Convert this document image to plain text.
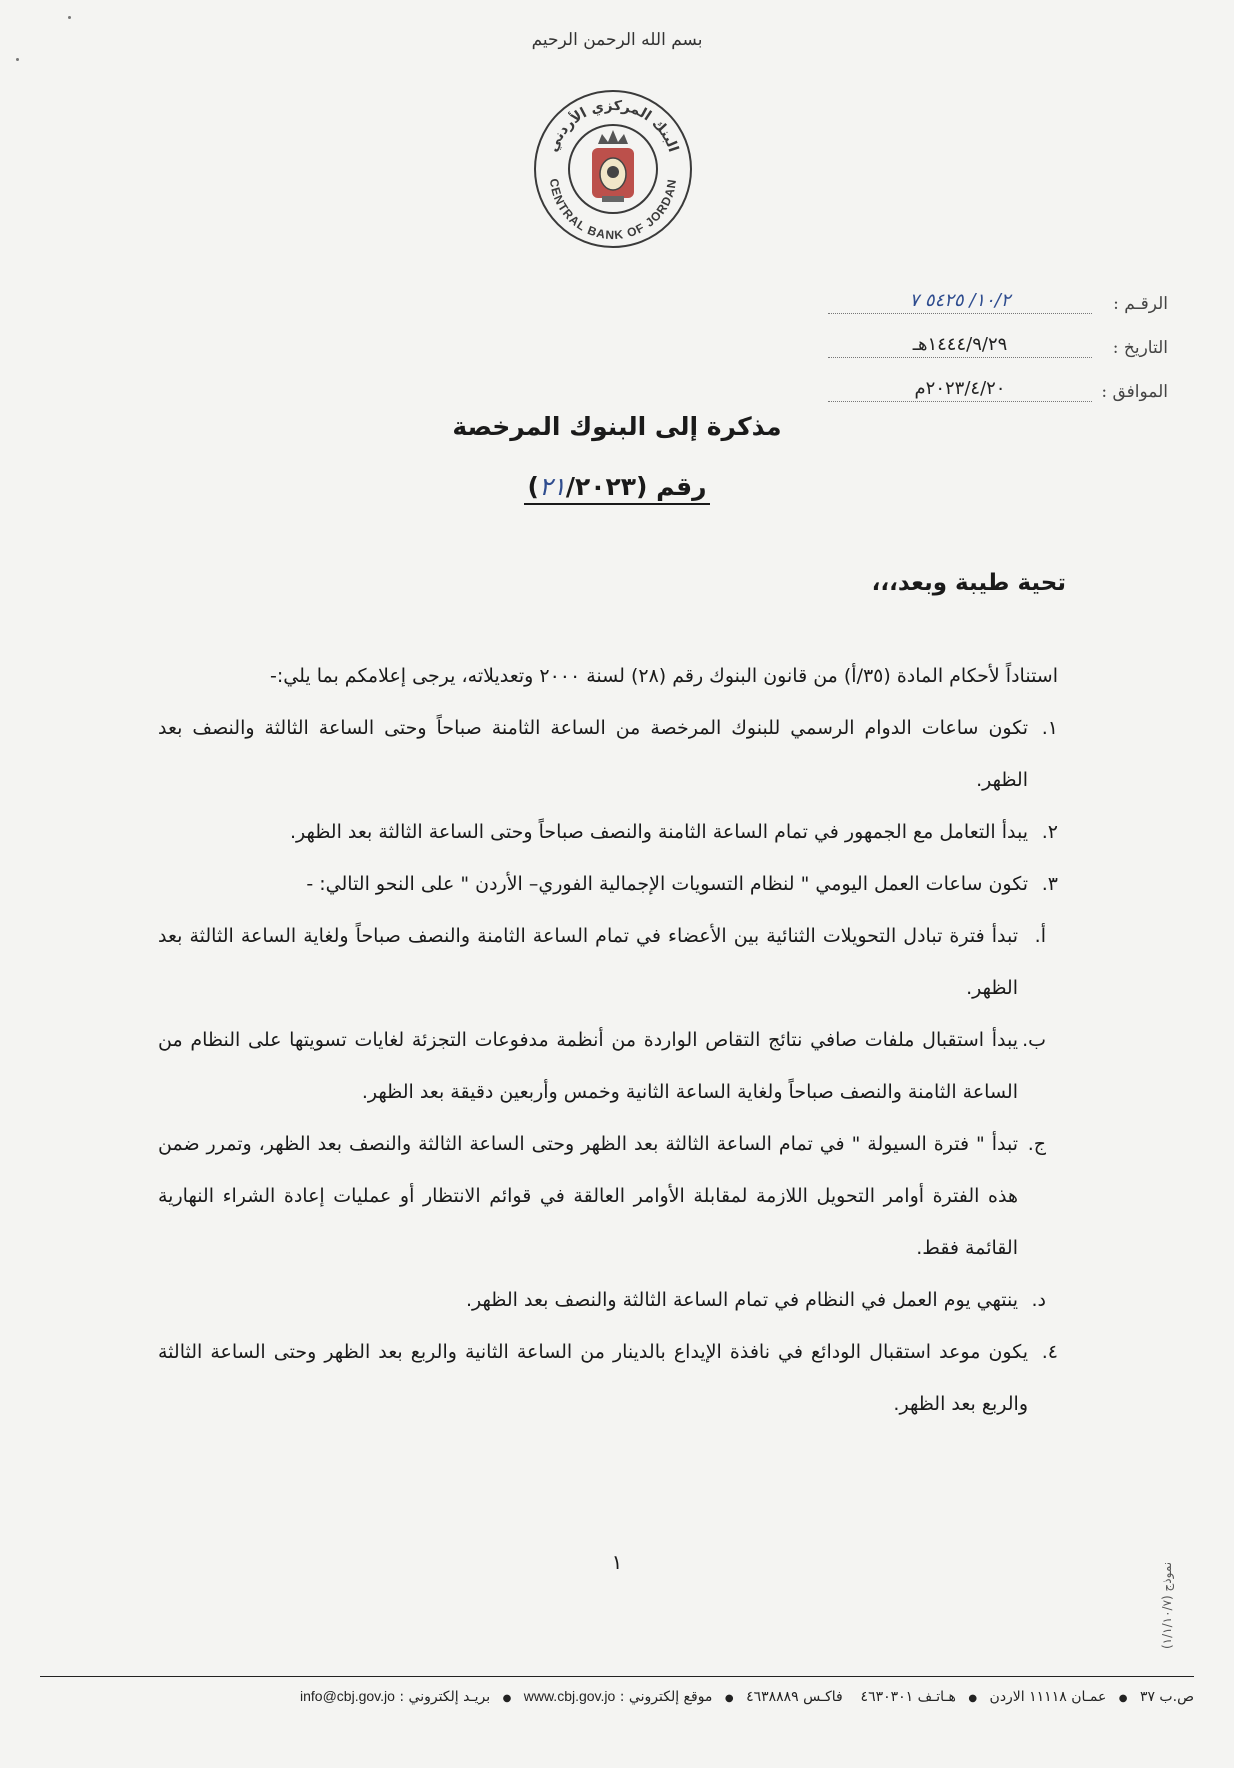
بسم الله الرحمن الرحيم
البنك المركزي الأردني
CENTRAL BANK OF JORDAN
الرقـم :
١٠/٢/ ٥٤٢٥ ٧
التاريخ :
١٤٤٤/٩/٢٩هـ
الموافق :
٢٠٢٣/٤/٢٠م
مذكرة إلى البنوك المرخصة
رقم (٢١/٢٠٢٣)
تحية طيبة وبعد،،،

استناداً لأحكام المادة (٣٥/أ) من قانون البنوك رقم (٢٨) لسنة ٢٠٠٠ وتعديلاته، يرجى إعلامكم بما يلي:-

١.
تكون ساعات الدوام الرسمي للبنوك المرخصة من الساعة الثامنة صباحاً وحتى الساعة الثالثة والنصف بعد الظهر.
٢.
يبدأ التعامل مع الجمهور في تمام الساعة الثامنة والنصف صباحاً وحتى الساعة الثالثة بعد الظهر.
٣.
تكون ساعات العمل اليومي " لنظام التسويات الإجمالية الفوري– الأردن " على النحو التالي: -
أ.
تبدأ فترة تبادل التحويلات الثنائية بين الأعضاء في تمام الساعة الثامنة والنصف صباحاً ولغاية الساعة الثالثة بعد الظهر.
ب.
يبدأ استقبال ملفات صافي نتائج التقاص الواردة من أنظمة مدفوعات التجزئة لغايات تسويتها على النظام من الساعة الثامنة والنصف صباحاً ولغاية الساعة الثانية وخمس وأربعين دقيقة بعد الظهر.
ج.
تبدأ " فترة السيولة " في تمام الساعة الثالثة بعد الظهر وحتى الساعة الثالثة والنصف بعد الظهر، وتمرر ضمن هذه الفترة أوامر التحويل اللازمة لمقابلة الأوامر العالقة في قوائم الانتظار أو عمليات إعادة الشراء النهارية القائمة فقط.
د.
ينتهي يوم العمل في النظام في تمام الساعة الثالثة والنصف بعد الظهر.
٤.
يكون موعد استقبال الودائع في نافذة الإيداع بالدينار من الساعة الثانية والربع بعد الظهر وحتى الساعة الثالثة والربع بعد الظهر.
١
نموذج (١/١/١٠/٧)
ص.ب ٣٧ ● عمـان ١١١١٨ الاردن ● هـاتـف ٤٦٣٠٣٠١    فاكـس ٤٦٣٨٨٨٩ ● موقع إلكتروني : www.cbj.gov.jo ● بريـد إلكتروني : info@cbj.gov.jo
